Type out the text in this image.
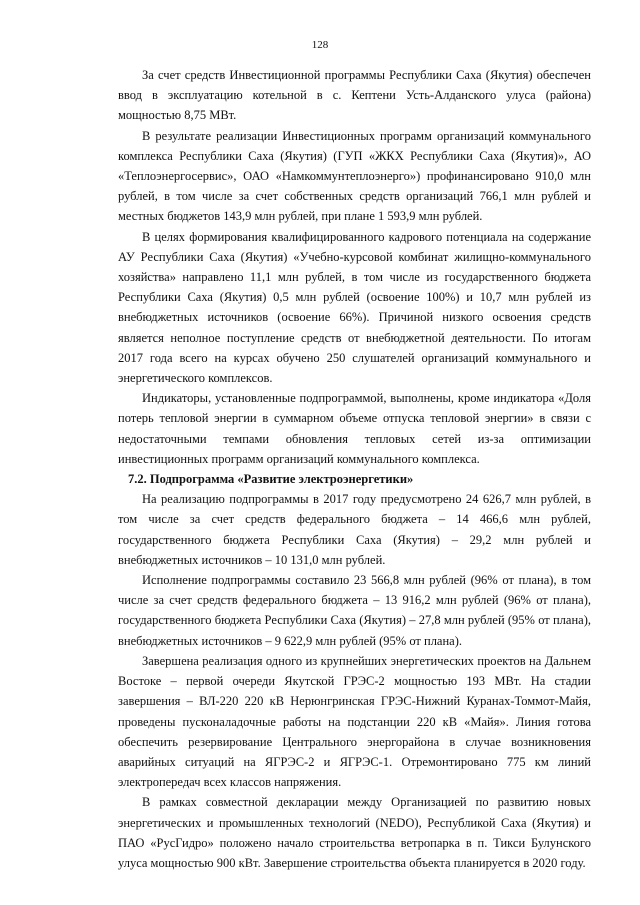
128

За счет средств Инвестиционной программы Республики Саха (Якутия) обеспечен ввод в эксплуатацию котельной в с. Кептени Усть-Алданского улуса (района) мощностью 8,75 МВт.

В результате реализации Инвестиционных программ организаций коммунального комплекса Республики Саха (Якутия) (ГУП «ЖКХ Республики Саха (Якутия)», АО «Теплоэнергосервис», ОАО «Намкоммунтеплоэнерго») профинансировано 910,0 млн рублей, в том числе за счет собственных средств организаций 766,1 млн рублей и местных бюджетов 143,9 млн рублей, при плане 1 593,9 млн рублей.

В целях формирования квалифицированного кадрового потенциала на содержание АУ Республики Саха (Якутия) «Учебно-курсовой комбинат жилищно-коммунального хозяйства» направлено 11,1 млн рублей, в том числе из государственного бюджета Республики Саха (Якутия) 0,5 млн рублей (освоение 100%) и 10,7 млн рублей из внебюджетных источников (освоение 66%). Причиной низкого освоения средств является неполное поступление средств от внебюджетной деятельности. По итогам 2017 года всего на курсах обучено 250 слушателей организаций коммунального и энергетического комплексов.

Индикаторы, установленные подпрограммой, выполнены, кроме индикатора «Доля потерь тепловой энергии в суммарном объеме отпуска тепловой энергии» в связи с недостаточными темпами обновления тепловых сетей из-за оптимизации инвестиционных программ организаций коммунального комплекса.

7.2. Подпрограмма «Развитие электроэнергетики»

На реализацию подпрограммы в 2017 году предусмотрено 24 626,7 млн рублей, в том числе за счет средств федерального бюджета – 14 466,6 млн рублей, государственного бюджета Республики Саха (Якутия) – 29,2 млн рублей и внебюджетных источников – 10 131,0 млн рублей.

Исполнение подпрограммы составило 23 566,8 млн рублей (96% от плана), в том числе за счет средств федерального бюджета – 13 916,2 млн рублей (96% от плана), государственного бюджета Республики Саха (Якутия) – 27,8 млн рублей (95% от плана), внебюджетных источников – 9 622,9 млн рублей (95% от плана).

Завершена реализация одного из крупнейших энергетических проектов на Дальнем Востоке – первой очереди Якутской ГРЭС-2 мощностью 193 МВт. На стадии завершения – ВЛ-220 220 кВ Нерюнгринская ГРЭС-Нижний Куранах-Томмот-Майя, проведены пусконаладочные работы на подстанции 220 кВ «Майя». Линия готова обеспечить резервирование Центрального энергорайона в случае возникновения аварийных ситуаций на ЯГРЭС-2 и ЯГРЭС-1. Отремонтировано 775 км линий электропередач всех классов напряжения.

В рамках совместной декларации между Организацией по развитию новых энергетических и промышленных технологий (NEDO), Республикой Саха (Якутия) и ПАО «РусГидро» положено начало строительства ветропарка в п. Тикси Булунского улуса мощностью 900 кВт. Завершение строительства объекта планируется в 2020 году.
